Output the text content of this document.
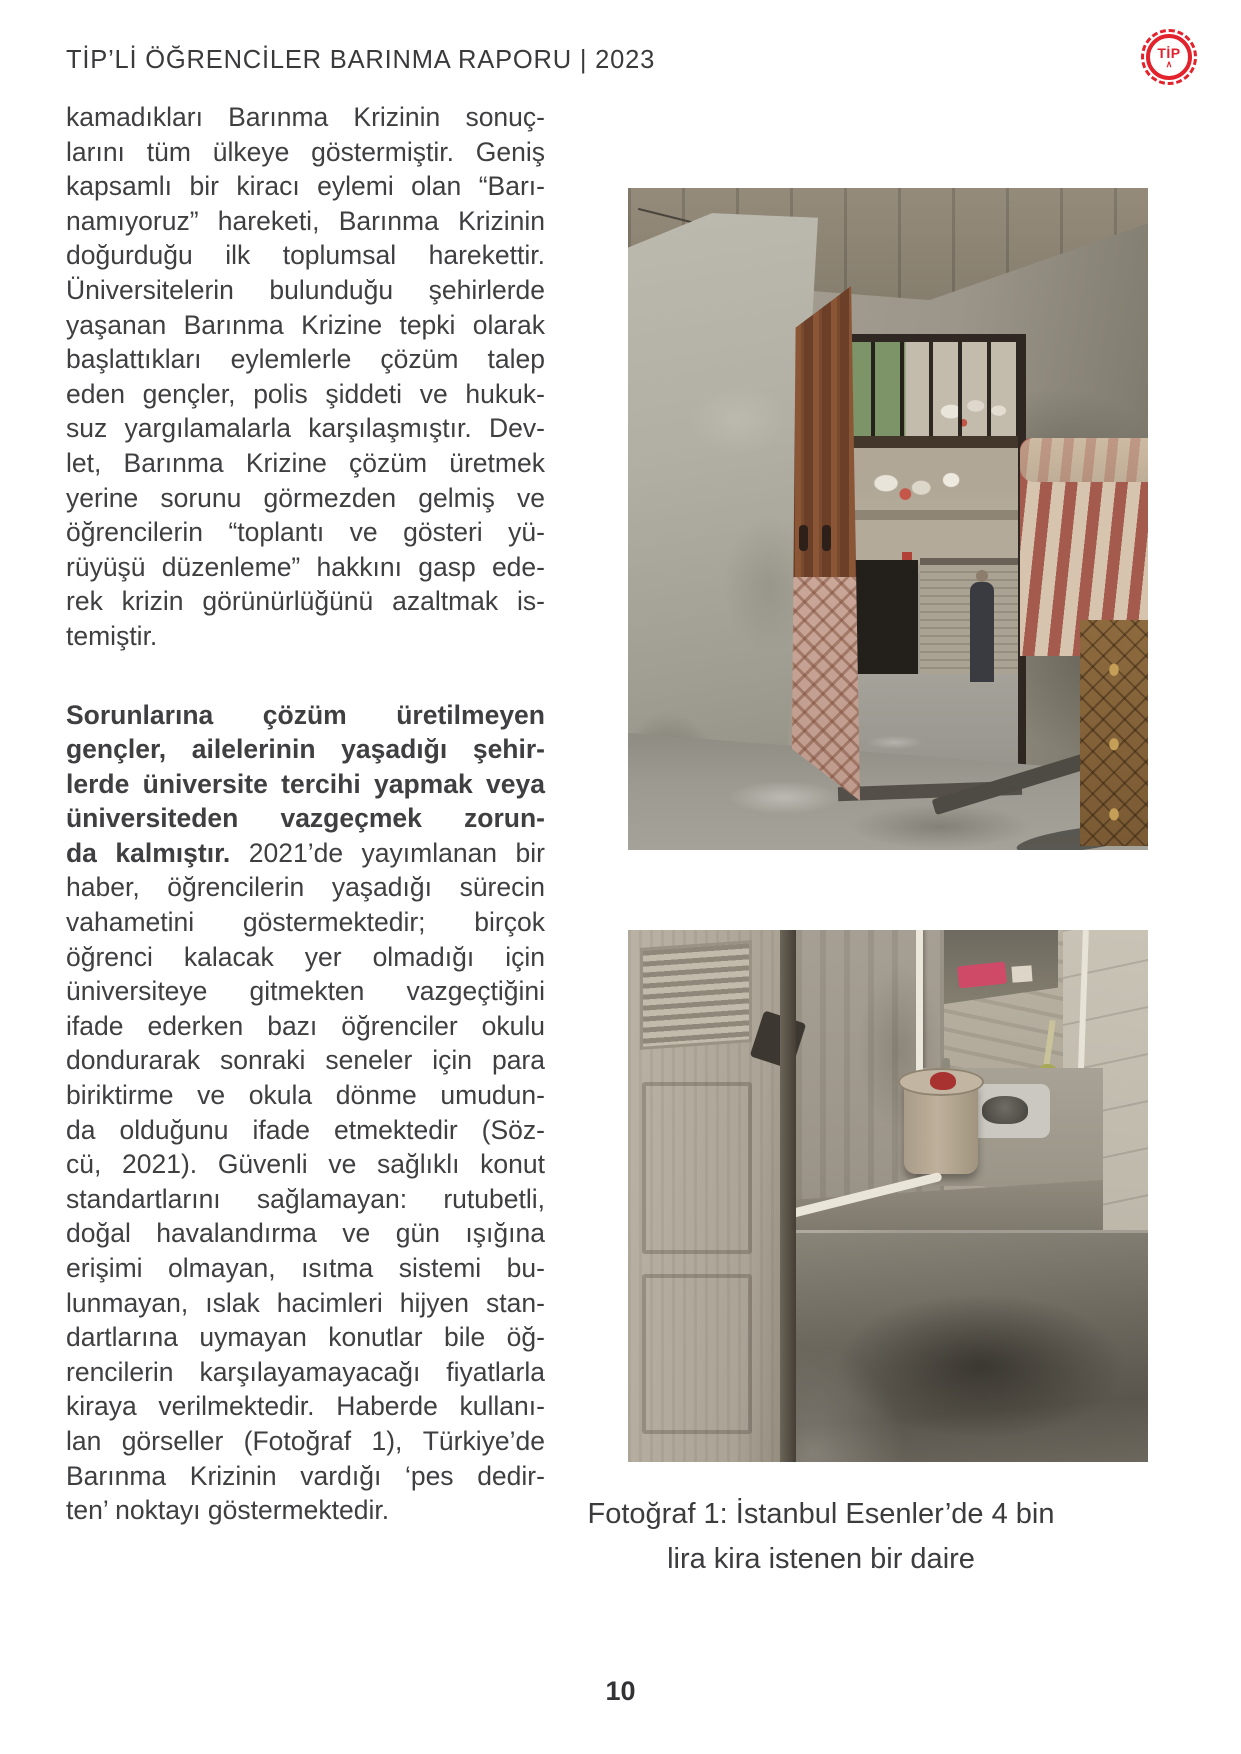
TİP’Lİ ÖĞRENCİLER BARINMA RAPORU | 2023	TİP
∧
kamadıkları Barınma Krizinin sonuç-
larını tüm ülkeye göstermiştir. Geniş
kapsamlı bir kiracı eylemi olan “Barı-
namıyoruz” hareketi, Barınma Krizinin
doğurduğu ilk toplumsal harekettir.
Üniversitelerin bulunduğu şehirlerde
yaşanan Barınma Krizine tepki olarak
başlattıkları eylemlerle çözüm talep
eden gençler, polis şiddeti ve hukuk-
suz yargılamalarla karşılaşmıştır. Dev-
let, Barınma Krizine çözüm üretmek
yerine sorunu görmezden gelmiş ve
öğrencilerin “toplantı ve gösteri yü-
rüyüşü düzenleme” hakkını gasp ede-
rek krizin görünürlüğünü azaltmak is-
temiştir.
Sorunlarına çözüm üretilmeyen
gençler, ailelerinin yaşadığı şehir-
lerde üniversite tercihi yapmak veya
üniversiteden vazgeçmek zorun-
da kalmıştır. 2021’de yayımlanan bir
haber, öğrencilerin yaşadığı sürecin
vahametini göstermektedir; birçok
öğrenci kalacak yer olmadığı için
üniversiteye gitmekten vazgeçtiğini
ifade ederken bazı öğrenciler okulu
dondurarak sonraki seneler için para
biriktirme ve okula dönme umudun-
da olduğunu ifade etmektedir (Söz-
cü, 2021). Güvenli ve sağlıklı konut
standartlarını sağlamayan: rutubetli,
doğal havalandırma ve gün ışığına
erişimi olmayan, ısıtma sistemi bu-
lunmayan, ıslak hacimleri hijyen stan-
dartlarına uymayan konutlar bile öğ-
rencilerin karşılayamayacağı fiyatlarla
kiraya verilmektedir. Haberde kullanı-
lan görseller (Fotoğraf 1), Türkiye’de
Barınma Krizinin vardığı ‘pes dedir-
ten’ noktayı göstermektedir.	Fotoğraf 1: İstanbul Esenler’de 4 bin
lira kira istenen bir daire
10
